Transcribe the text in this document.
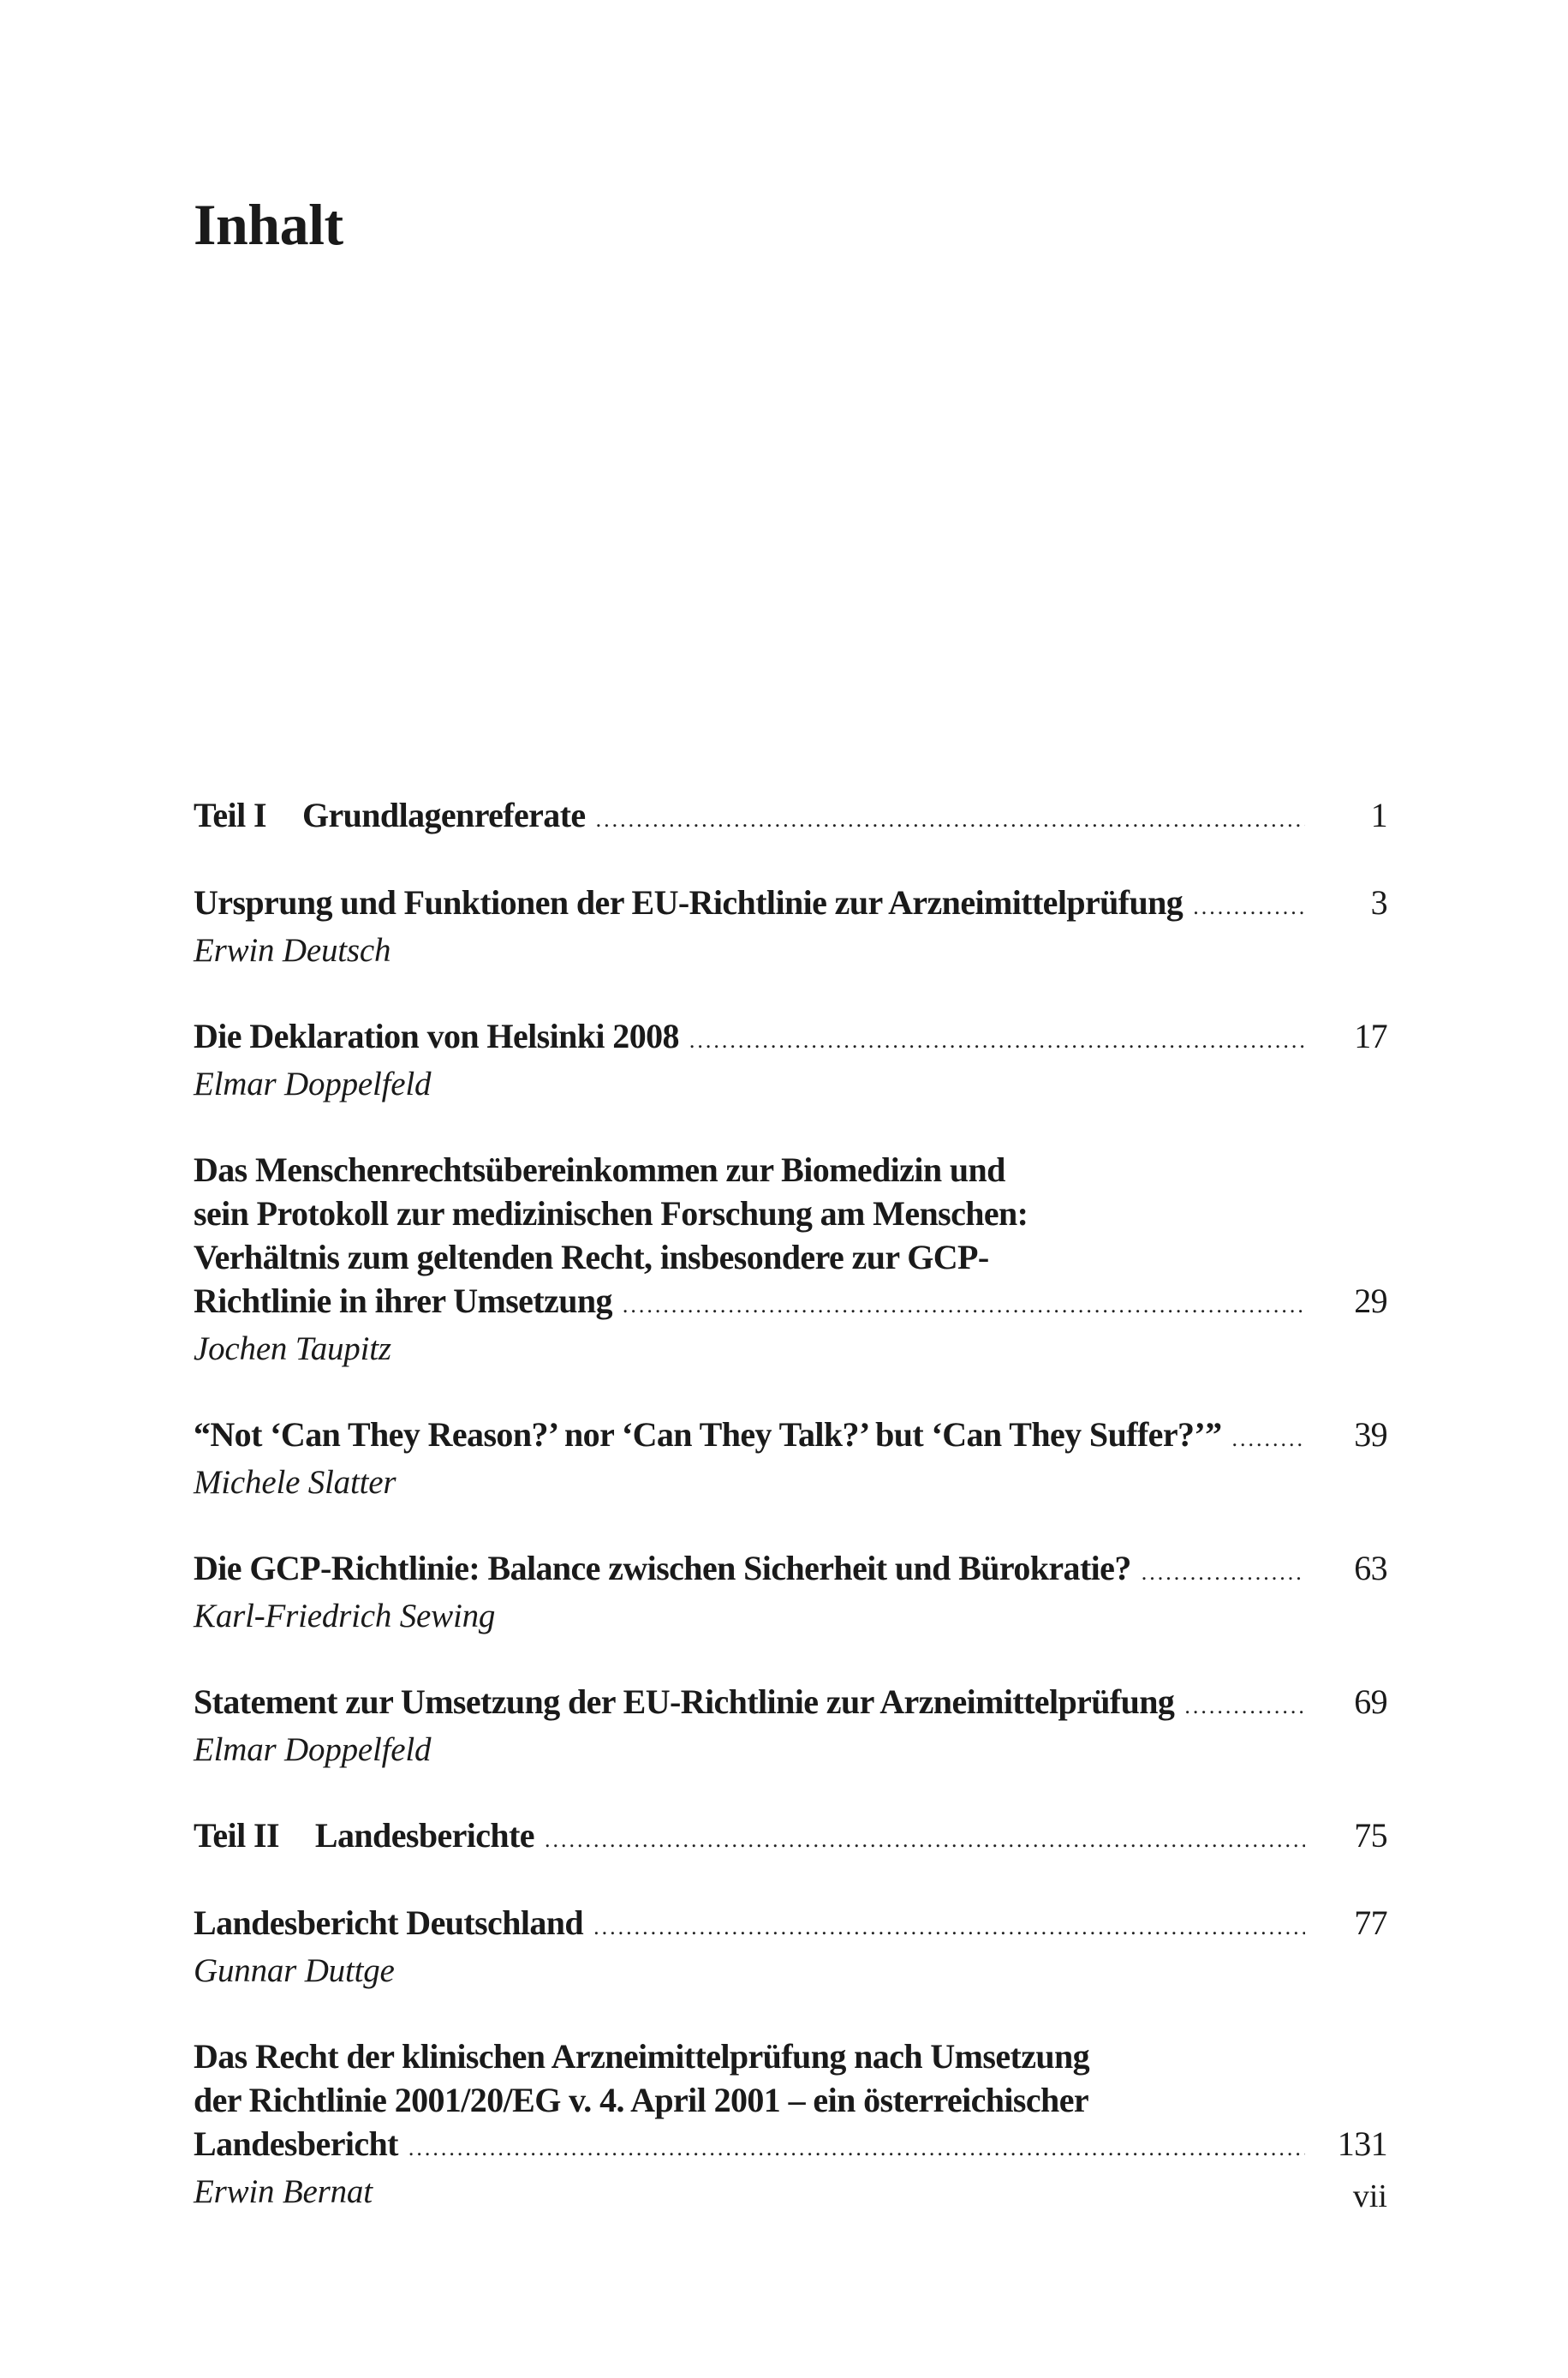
Inhalt
Teil I Grundlagenreferate .....	1
Ursprung und Funktionen der EU-Richtlinie zur Arzneimittelprüfung .....	3
Erwin Deutsch
Die Deklaration von Helsinki 2008 .....	17
Elmar Doppelfeld
Das Menschenrechtsübereinkommen zur Biomedizin und
sein Protokoll zur medizinischen Forschung am Menschen:
Verhältnis zum geltenden Recht, insbesondere zur GCP-
Richtlinie in ihrer Umsetzung .....	29
Jochen Taupitz
“Not ‘Can They Reason?’ nor ‘Can They Talk?’ but ‘Can They Suffer?’” .....	39
Michele Slatter
Die GCP-Richtlinie: Balance zwischen Sicherheit und Bürokratie? .....	63
Karl-Friedrich Sewing
Statement zur Umsetzung der EU-Richtlinie zur Arzneimittelprüfung .....	69
Elmar Doppelfeld
Teil II Landesberichte .....	75
Landesbericht Deutschland .....	77
Gunnar Duttge
Das Recht der klinischen Arzneimittelprüfung nach Umsetzung
der Richtlinie 2001/20/EG v. 4. April 2001 – ein österreichischer
Landesbericht .....	131
Erwin Bernat	vii
